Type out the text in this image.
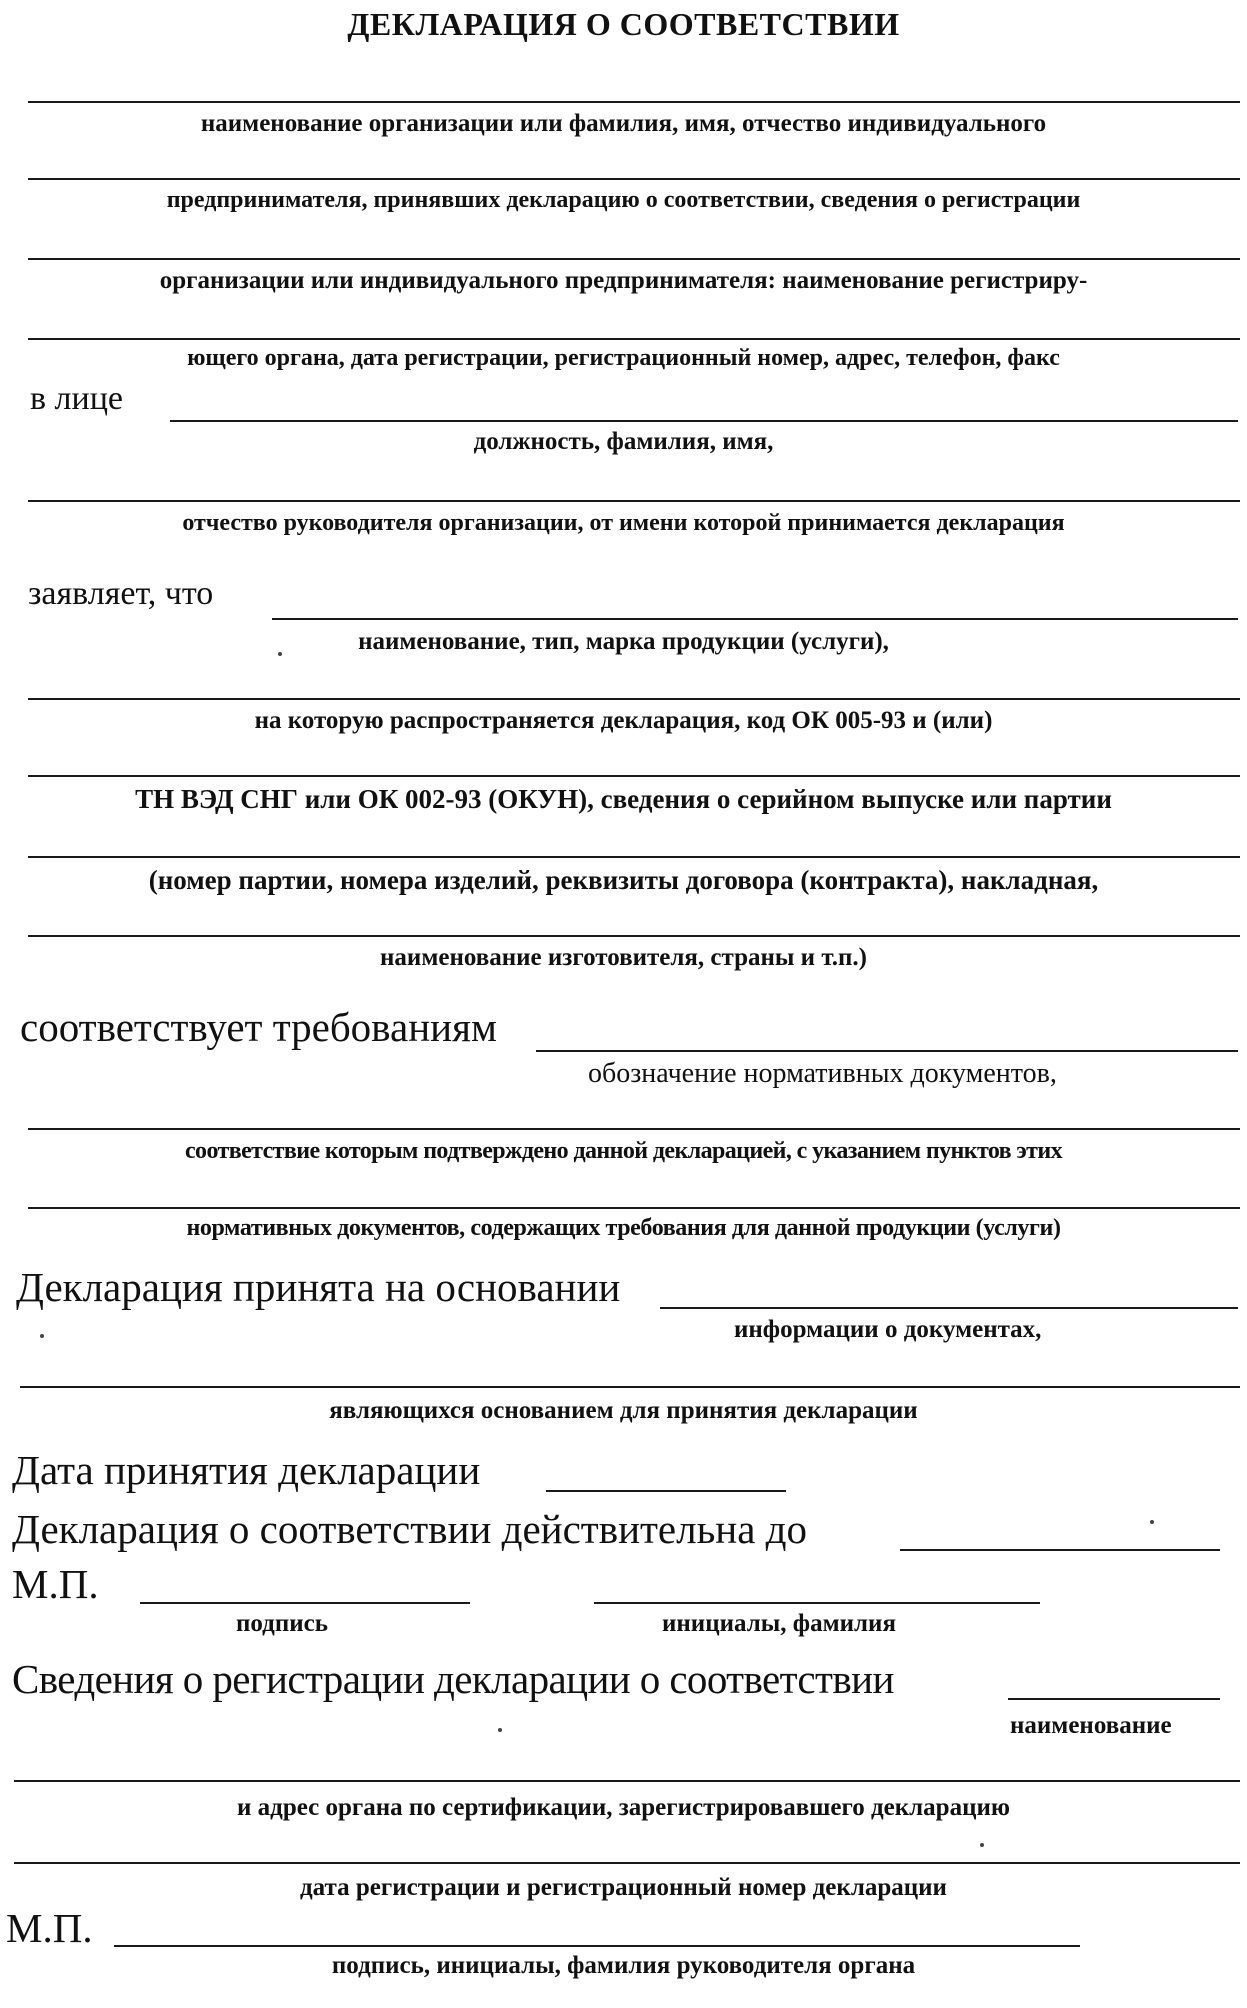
ДЕКЛАРАЦИЯ О СООТВЕТСТВИИ
наименование организации или фамилия, имя, отчество индивидуального
предпринимателя, принявших декларацию о соответствии, сведения о регистрации
организации или индивидуального предпринимателя: наименование регистриру-
ющего органа, дата регистрации, регистрационный номер, адрес, телефон, факс
в лице
должность, фамилия, имя,
отчество руководителя организации, от имени которой принимается декларация
заявляет, что
наименование, тип, марка продукции (услуги),
на которую распространяется декларация, код ОК 005-93 и (или)
ТН ВЭД СНГ или ОК 002-93 (ОКУН), сведения о серийном выпуске или партии
(номер партии, номера изделий, реквизиты договора (контракта), накладная,
наименование изготовителя, страны и т.п.)
соответствует требованиям
обозначение нормативных документов,
соответствие которым подтверждено данной декларацией, с указанием пунктов этих
нормативных документов, содержащих требования для данной продукции (услуги)
Декларация принята на основании
информации о документах,
являющихся основанием для принятия декларации
Дата принятия декларации
Декларация о соответствии действительна до
М.П.
подпись	инициалы, фамилия
Сведения о регистрации декларации о соответствии
наименование
и адрес органа по сертификации, зарегистрировавшего декларацию
дата регистрации и регистрационный номер декларации
М.П.
подпись, инициалы, фамилия руководителя органа
